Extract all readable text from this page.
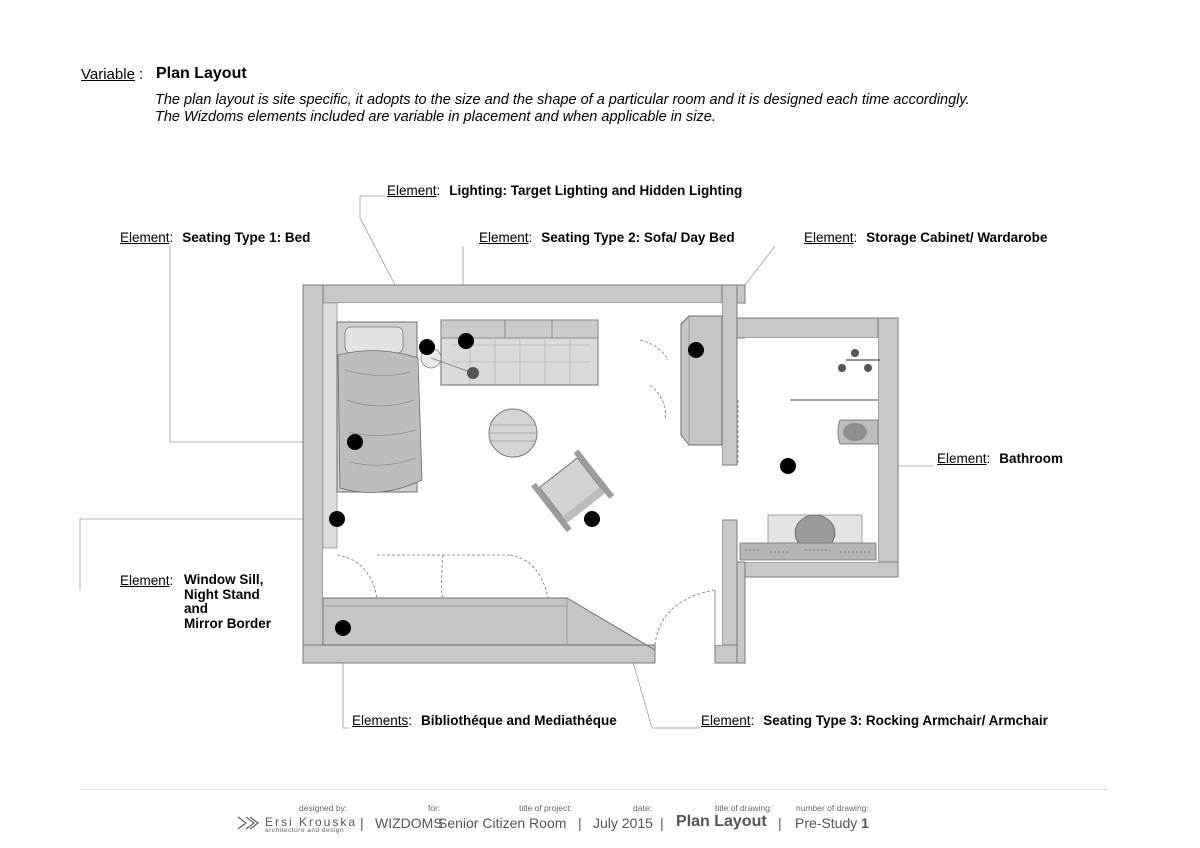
Variable : Plan Layout
The plan layout is site specific, it adopts to the size and the shape of a particular room and it is designed each time accordingly.
The Wizdoms elements included are variable in placement and when applicable in size.
Element: Lighting: Target Lighting and Hidden Lighting
Element: Seating Type 1: Bed	Element: Seating Type 2: Sofa/ Day Bed	Element: Storage Cabinet/ Wardarobe
Element: Bathroom
Element: Window Sill,
Night Stand
and
Mirror Border
Elements: Bibliothéque and Mediathéque	Element: Seating Type 3: Rocking Armchair/ Armchair
designed by:
Ersi Krouska
architecture and design |
for:
WIZDOMS
title of project:
Senior Citizen Room |
date:
July 2015 |
title of drawing:
Plan Layout |
number of drawing:
Pre-Study 1
